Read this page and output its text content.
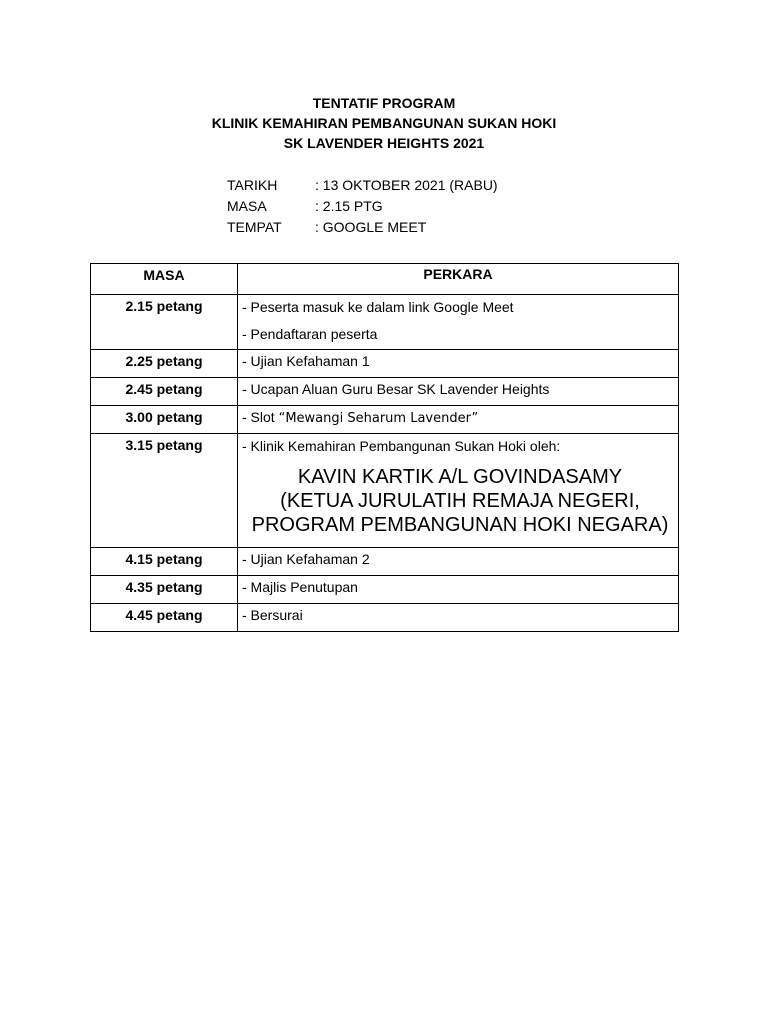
TENTATIF PROGRAM
KLINIK KEMAHIRAN PEMBANGUNAN SUKAN HOKI
SK LAVENDER HEIGHTS 2021
TARIKH	: 13 OKTOBER 2021 (RABU)
MASA	: 2.15 PTG
TEMPAT	: GOOGLE MEET
MASA	PERKARA
2.15 petang	- Peserta masuk ke dalam link Google Meet
- Pendaftaran peserta

2.25 petang	- Ujian Kefahaman 1
2.45 petang	- Ucapan Aluan Guru Besar SK Lavender Heights
3.00 petang	- Slot “Mewangi Seharum Lavender”
3.15 petang	- Klinik Kemahiran Pembangunan Sukan Hoki oleh:
KAVIN KARTIK A/L GOVINDASAMY
(KETUA JURULATIH REMAJA NEGERI,
PROGRAM PEMBANGUNAN HOKI NEGARA)

4.15 petang	- Ujian Kefahaman 2
4.35 petang	- Majlis Penutupan
4.45 petang	- Bersurai
